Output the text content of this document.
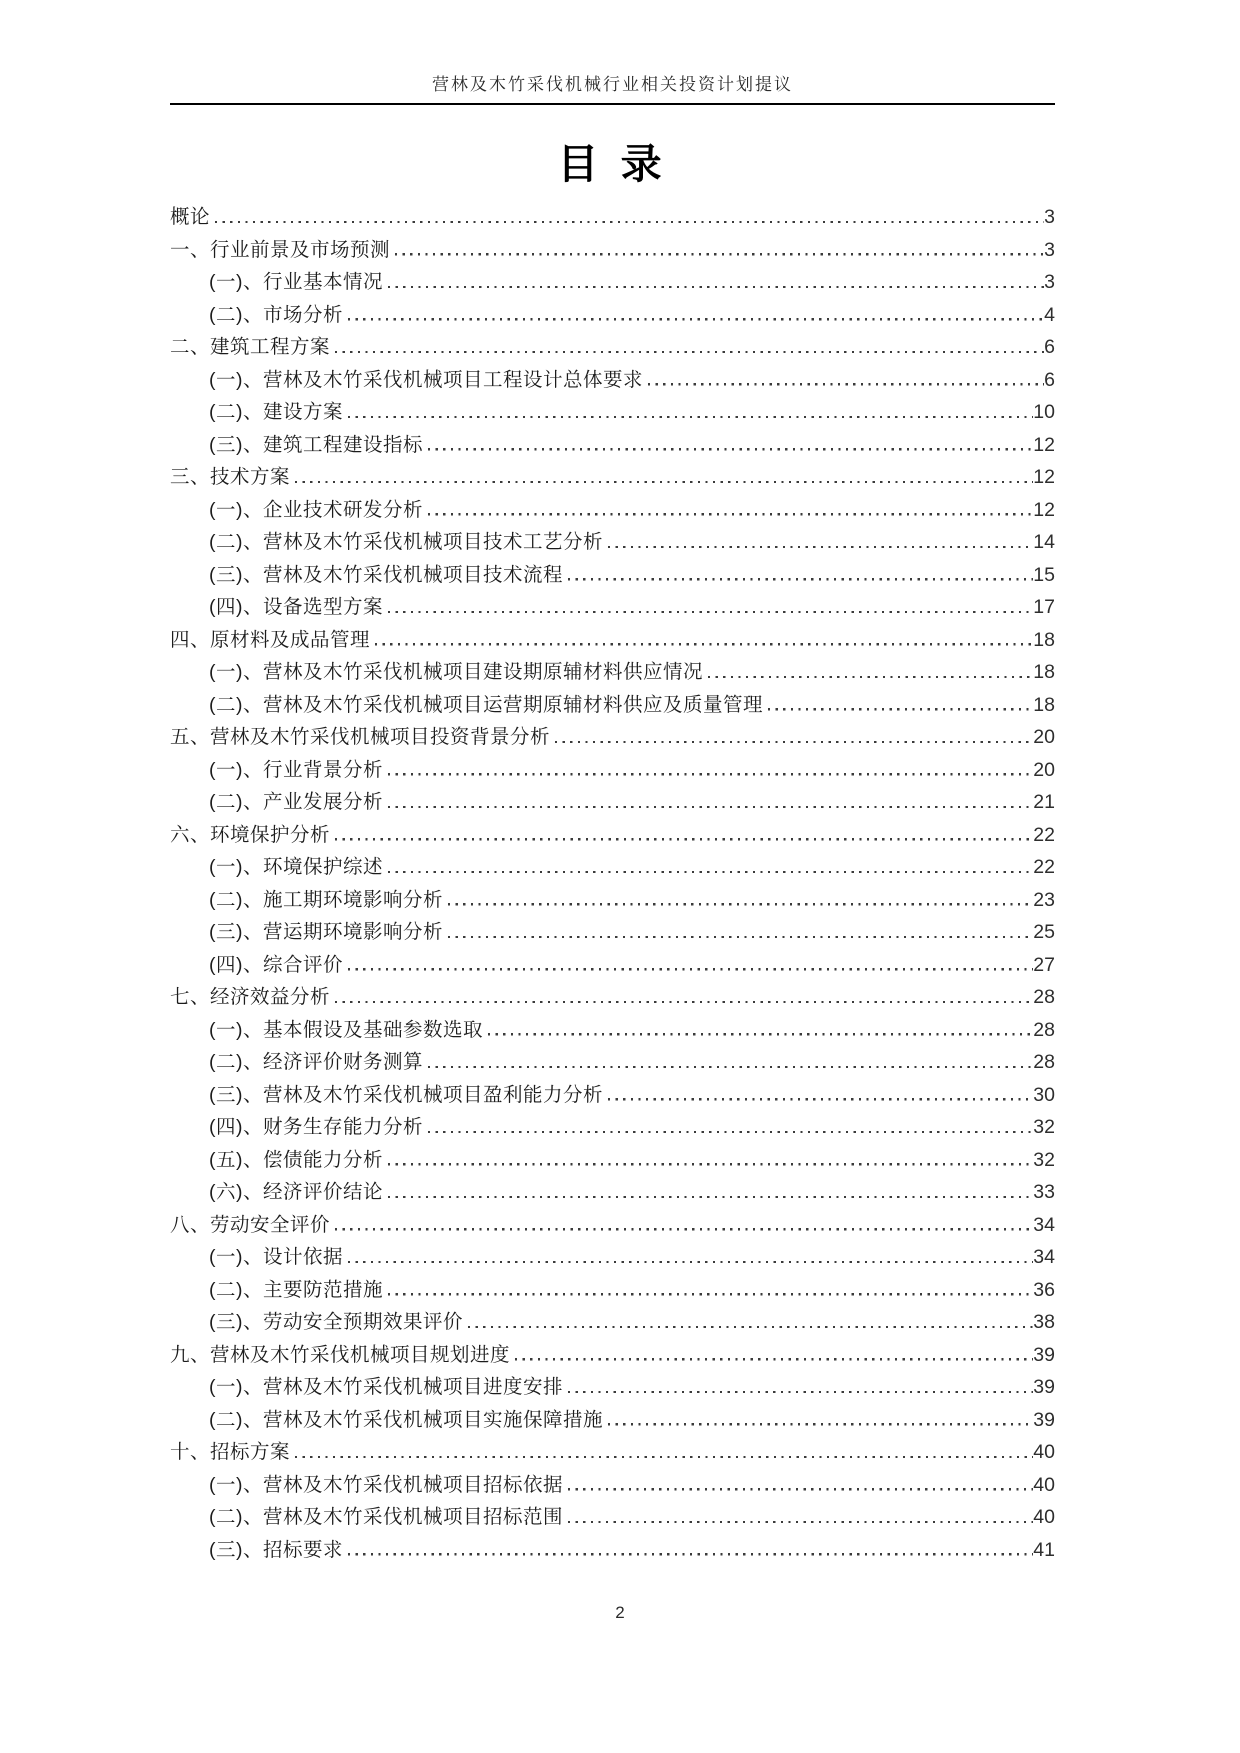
营林及木竹采伐机械行业相关投资计划提议
目 录
概论	3
一、行业前景及市场预测	3
(一)、行业基本情况	3
(二)、市场分析	4
二、建筑工程方案	6
(一)、营林及木竹采伐机械项目工程设计总体要求	6
(二)、建设方案	10
(三)、建筑工程建设指标	12
三、技术方案	12
(一)、企业技术研发分析	12
(二)、营林及木竹采伐机械项目技术工艺分析	14
(三)、营林及木竹采伐机械项目技术流程	15
(四)、设备选型方案	17
四、原材料及成品管理	18
(一)、营林及木竹采伐机械项目建设期原辅材料供应情况	18
(二)、营林及木竹采伐机械项目运营期原辅材料供应及质量管理	18
五、营林及木竹采伐机械项目投资背景分析	20
(一)、行业背景分析	20
(二)、产业发展分析	21
六、环境保护分析	22
(一)、环境保护综述	22
(二)、施工期环境影响分析	23
(三)、营运期环境影响分析	25
(四)、综合评价	27
七、经济效益分析	28
(一)、基本假设及基础参数选取	28
(二)、经济评价财务测算	28
(三)、营林及木竹采伐机械项目盈利能力分析	30
(四)、财务生存能力分析	32
(五)、偿债能力分析	32
(六)、经济评价结论	33
八、劳动安全评价	34
(一)、设计依据	34
(二)、主要防范措施	36
(三)、劳动安全预期效果评价	38
九、营林及木竹采伐机械项目规划进度	39
(一)、营林及木竹采伐机械项目进度安排	39
(二)、营林及木竹采伐机械项目实施保障措施	39
十、招标方案	40
(一)、营林及木竹采伐机械项目招标依据	40
(二)、营林及木竹采伐机械项目招标范围	40
(三)、招标要求	41
2
